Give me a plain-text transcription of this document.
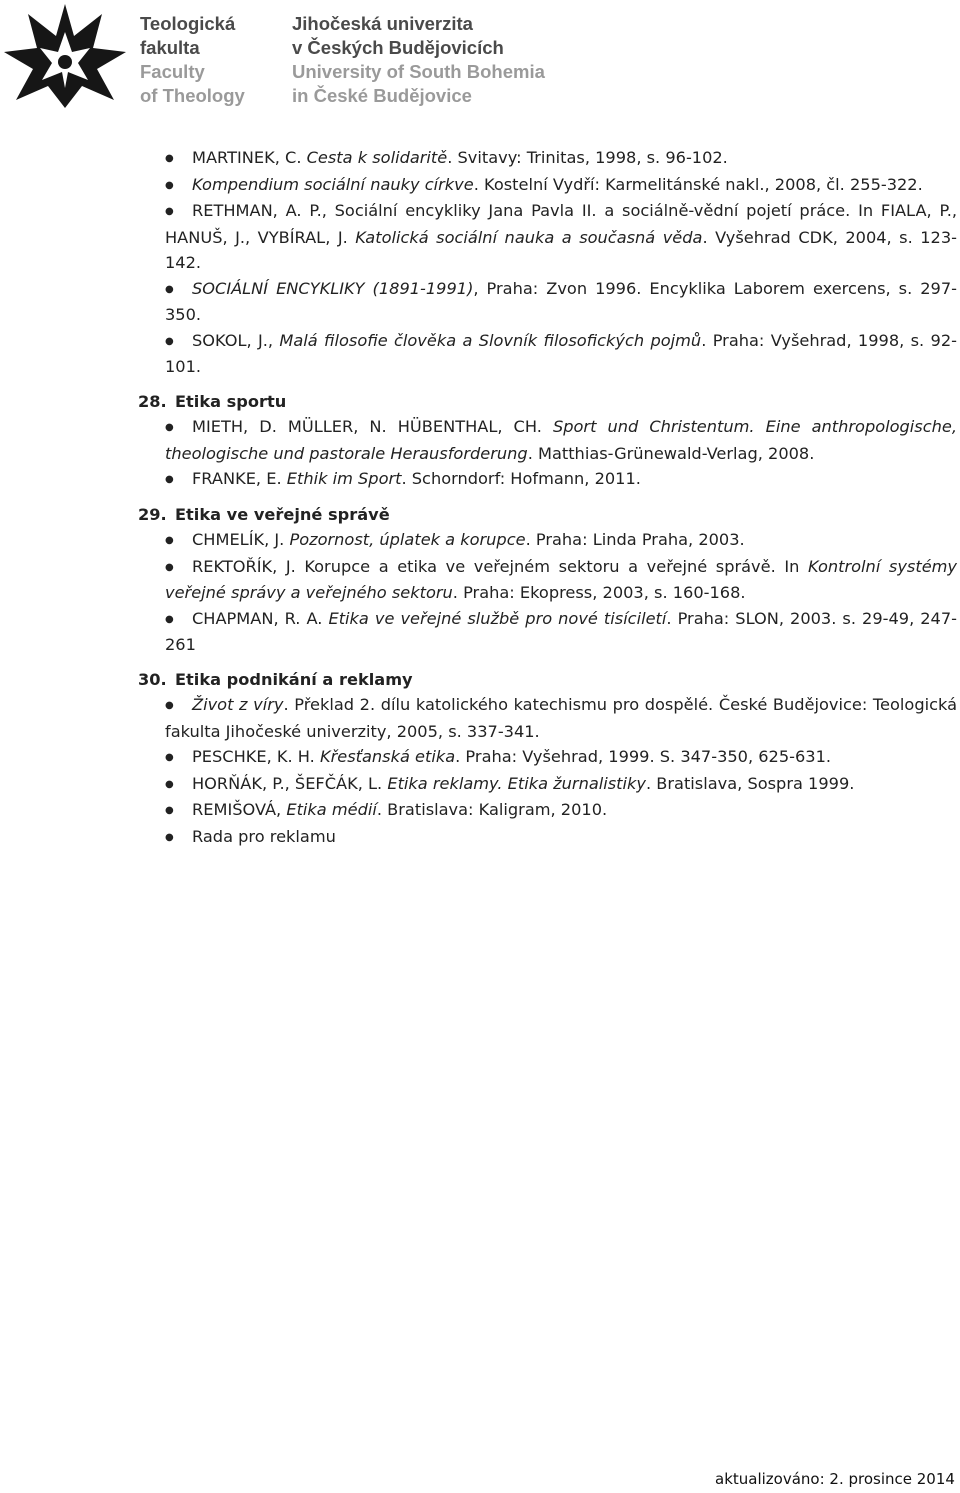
Teologická
fakulta
Faculty
of Theology
Jihočeská univerzita
v Českých Budějovicích
University of South Bohemia
in České Budějovice
● MARTINEK, C. Cesta k solidaritě. Svitavy: Trinitas, 1998, s. 96-102.
● Kompendium sociální nauky církve. Kostelní Vydří: Karmelitánské nakl., 2008, čl. 255-322.
● RETHMAN, A. P., Sociální encykliky Jana Pavla II. a sociálně-vědní pojetí práce. In FIALA, P., HANUŠ, J., VYBÍRAL, J. Katolická sociální nauka a současná věda. Vyšehrad CDK, 2004, s. 123-142.
● SOCIÁLNÍ ENCYKLIKY (1891-1991), Praha: Zvon 1996. Encyklika Laborem exercens, s. 297-350.
● SOKOL, J., Malá filosofie člověka a Slovník filosofických pojmů. Praha: Vyšehrad, 1998, s. 92-101.
28. Etika sportu
● MIETH, D. MÜLLER, N. HÜBENTHAL, CH. Sport und Christentum. Eine anthropologische, theologische und pastorale Herausforderung. Matthias-Grünewald-Verlag, 2008.
● FRANKE, E. Ethik im Sport. Schorndorf: Hofmann, 2011.
29. Etika ve veřejné správě
● CHMELÍK, J. Pozornost, úplatek a korupce. Praha: Linda Praha, 2003.
● REKTOŘÍK, J. Korupce a etika ve veřejném sektoru a veřejné správě. In Kontrolní systémy veřejné správy a veřejného sektoru. Praha: Ekopress, 2003, s. 160-168.
● CHAPMAN, R. A. Etika ve veřejné službě pro nové tisíciletí. Praha: SLON, 2003. s. 29-49, 247-261
30. Etika podnikání a reklamy
● Život z víry. Překlad 2. dílu katolického katechismu pro dospělé. České Budějovice: Teologická fakulta Jihočeské univerzity, 2005, s. 337-341.
● PESCHKE, K. H. Křesťanská etika. Praha: Vyšehrad, 1999. S. 347-350, 625-631.
● HORŇÁK, P., ŠEFČÁK, L. Etika reklamy. Etika žurnalistiky. Bratislava, Sospra 1999.
● REMIŠOVÁ, Etika médií. Bratislava: Kaligram, 2010.
● Rada pro reklamu
aktualizováno: 2. prosince 2014
